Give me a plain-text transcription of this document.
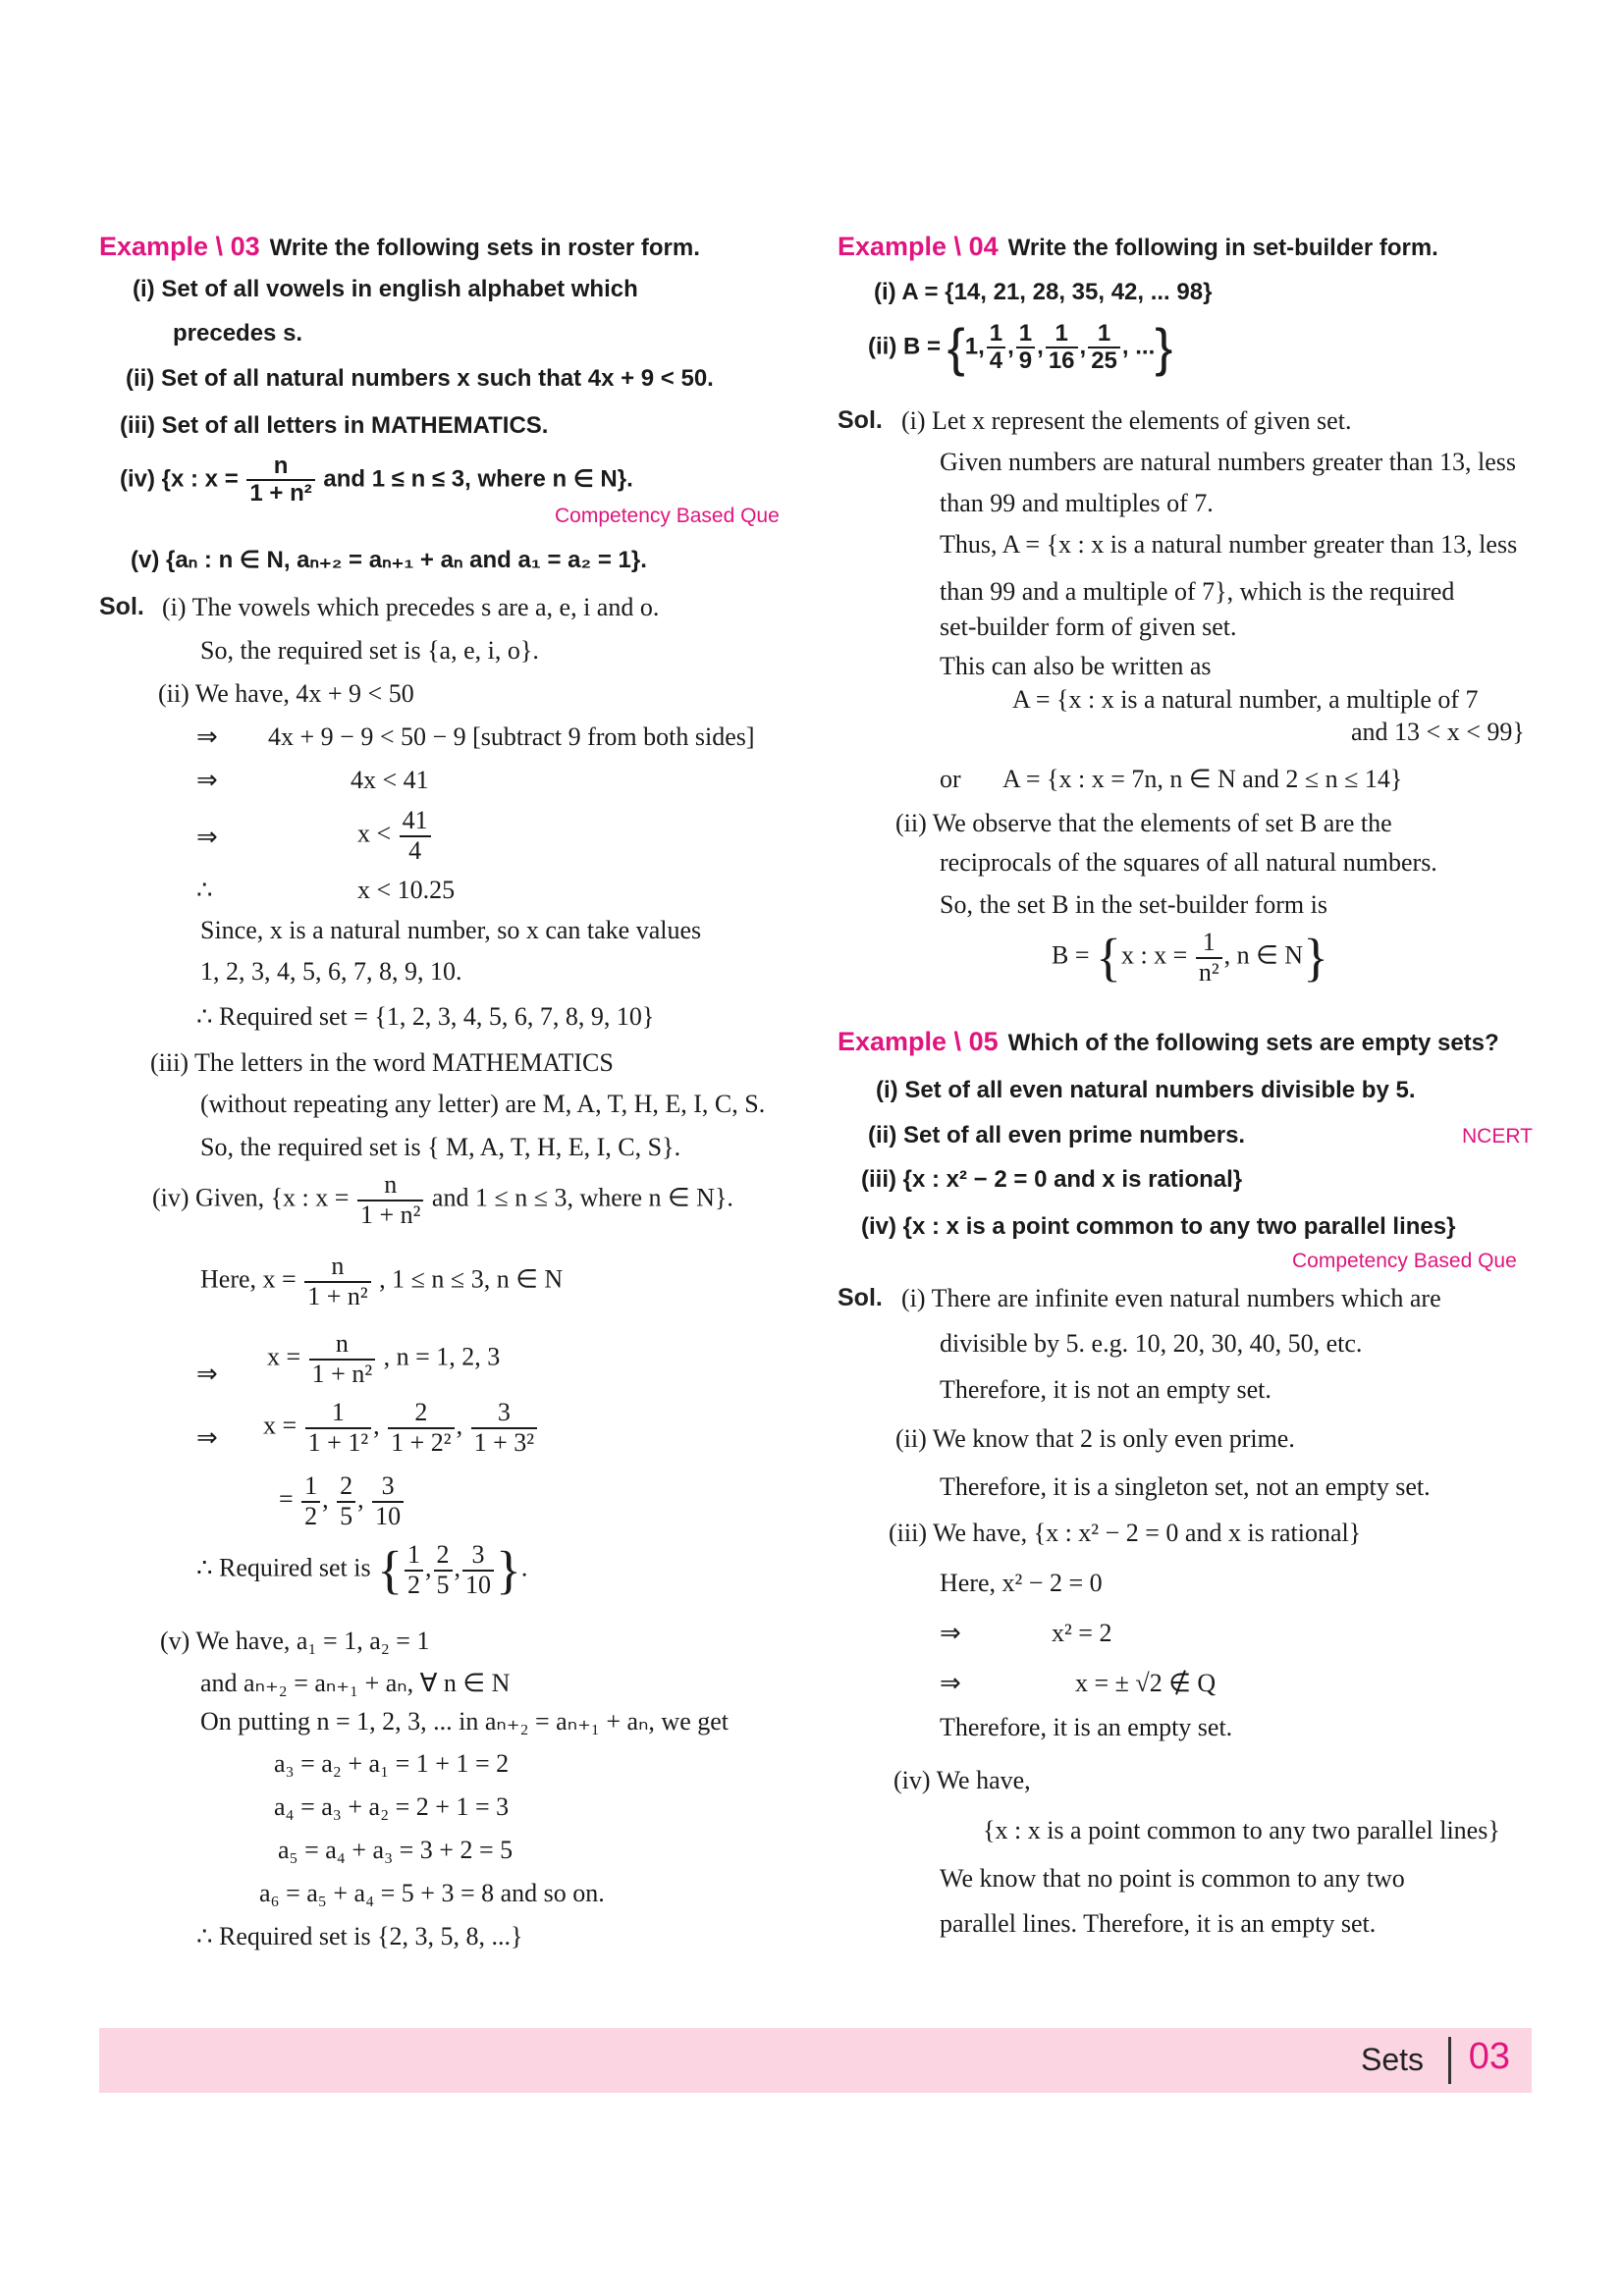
Example \ 03 Write the following sets in roster form.
(i) Set of all vowels in english alphabet which
precedes s.
(ii) Set of all natural numbers x such that 4x + 9 < 50.
(iii) Set of all letters in MATHEMATICS.
(iv) {x : $x = \frac{n}{\text{1 + n²}}$ and 1 ≤ n ≤ 3, where n ∈ N}.
Competency Based Que
(v) {aₙ : n ∈ N, aₙ₊₂ = aₙ₊₁ + aₙ and a₁ = a₂ = 1}.
Sol. (i) The vowels which precedes s are a, e, i and o.
So, the required set is {a, e, i, o}.
(ii) We have, 4x + 9 < 50
⇒ 4x + 9 − 9 < 50 − 9 [subtract 9 from both sides]
⇒	4x < 41
⇒	$x < \frac{41}{4}$
∴	x < 10.25
Since, x is a natural number, so x can take values
1, 2, 3, 4, 5, 6, 7, 8, 9, 10.
∴ Required set = {1, 2, 3, 4, 5, 6, 7, 8, 9, 10}
(iii) The letters in the word MATHEMATICS
(without repeating any letter) are M, A, T, H, E, I, C, S.
So, the required set is { M, A, T, H, E, I, C, S}.
(iv) Given, {x : $x = \frac{n}{\text{1 + n²}}$ and 1 ≤ n ≤ 3, where n ∈ N}.
Here, $x = \frac{n}{\text{1 + n²}}$ , 1 ≤ n ≤ 3, n ∈ N
⇒
$x = \frac{n}{\text{1 + n²}}$ , n = 1, 2, 3
⇒ $x = \frac{1}{\text{1 + 1²}}$ , $\frac{2}{\text{1 + 2²}}$ , $\frac{3}{\text{1 + 3²}}$
= $\frac{1}{2}$ , $\frac{2}{5}$ , $\frac{3}{10}$
∴ Required set is { $\frac{1}{2}$ , $\frac{2}{5}$ , $\frac{3}{10}$ }.
(v) We have, a₁ = 1, a₂ = 1
and aₙ₊₂ = aₙ₊₁ + aₙ, ∀ n ∈ N
On putting n = 1, 2, 3, ... in aₙ₊₂ = aₙ₊₁ + aₙ, we get
a₃ = a₂ + a₁ = 1 + 1 = 2
a₄ = a₃ + a₂ = 2 + 1 = 3
a₅ = a₄ + a₃ = 3 + 2 = 5
a₆ = a₅ + a₄ = 5 + 3 = 8 and so on.
∴ Required set is {2, 3, 5, 8, ...}
Example \ 04 Write the following in set-builder form.
(i) A = {14, 21, 28, 35, 42, ... 98}
(ii) B = {1, $\frac{1}{4}$ , $\frac{1}{9}$ , $\frac{1}{16}$ , $\frac{1}{25}$ , ...}
Sol. (i) Let x represent the elements of given set.
Given numbers are natural numbers greater than 13, less
than 99 and multiples of 7.
Thus, A = {x : x is a natural number greater than 13, less
than 99 and a multiple of 7}, which is the required
set-builder form of given set.
This can also be written as
A = {x : x is a natural number, a multiple of 7
and 13 < x < 99}
or A = {x : x = 7n, n ∈ N and 2 ≤ n ≤ 14}
(ii) We observe that the elements of set B are the
reciprocals of the squares of all natural numbers.
So, the set B in the set-builder form is
B = {x : $x = \frac{1}{\text{n²}}$ , n ∈ N}
Example \ 05 Which of the following sets are empty sets?
(i) Set of all even natural numbers divisible by 5.
(ii) Set of all even prime numbers.	NCERT
(iii) {x : x² − 2 = 0 and x is rational}
(iv) {x : x is a point common to any two parallel lines}
Competency Based Que
Sol. (i) There are infinite even natural numbers which are
divisible by 5. e.g. 10, 20, 30, 40, 50, etc.
Therefore, it is not an empty set.
(ii) We know that 2 is only even prime.
Therefore, it is a singleton set, not an empty set.
(iii) We have, {x : x² − 2 = 0 and x is rational}
Here, x² − 2 = 0
⇒	x² = 2
⇒	x = ± √2 ∉ Q
Therefore, it is an empty set.
(iv) We have,
{x : x is a point common to any two parallel lines}
We know that no point is common to any two
parallel lines. Therefore, it is an empty set.
Sets 03
